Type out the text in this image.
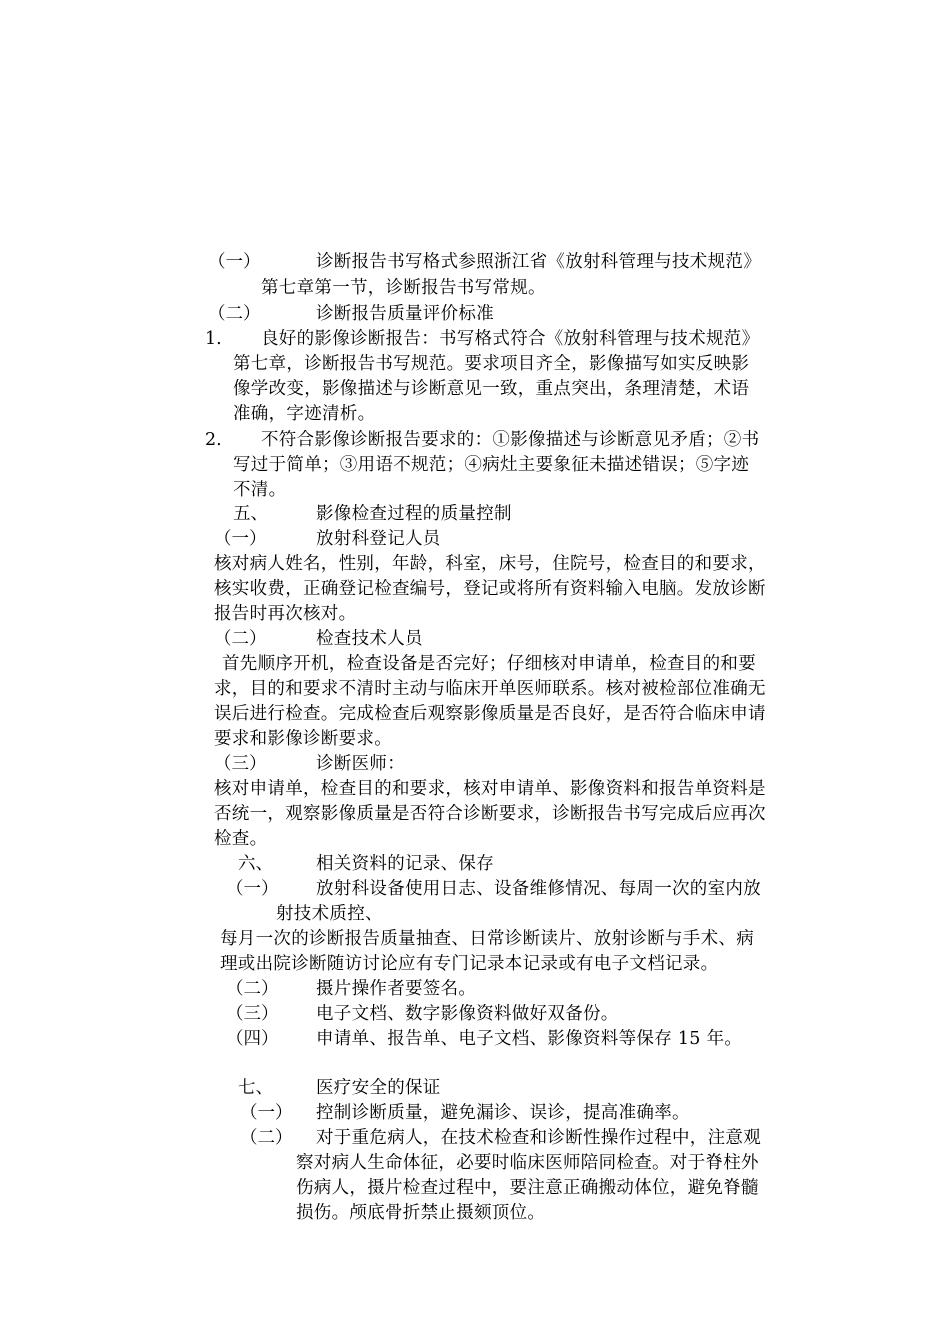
（一）	诊断报告书写格式参照浙江省《放射科管理与技术规范》
第七章第一节，诊断报告书写常规。
（二）	诊断报告质量评价标准
1. 良好的影像诊断报告：书写格式符合《放射科管理与技术规范》
第七章，诊断报告书写规范。要求项目齐全，影像描写如实反映影
像学改变，影像描述与诊断意见一致，重点突出，条理清楚，术语
准确，字迹清析。
2. 不符合影像诊断报告要求的：①影像描述与诊断意见矛盾；②书
写过于简单；③用语不规范；④病灶主要象征未描述错误；⑤字迹
不清。
五、	影像检查过程的质量控制
（一）	放射科登记人员
核对病人姓名，性别，年龄，科室，床号，住院号，检查目的和要求，
核实收费，正确登记检查编号，登记或将所有资料输入电脑。发放诊断
报告时再次核对。
（二）	检查技术人员
首先顺序开机，检查设备是否完好；仔细核对申请单，检查目的和要
求，目的和要求不清时主动与临床开单医师联系。核对被检部位准确无
误后进行检查。完成检查后观察影像质量是否良好，是否符合临床申请
要求和影像诊断要求。
（三）	诊断医师：
核对申请单，检查目的和要求，核对申请单、影像资料和报告单资料是
否统一，观察影像质量是否符合诊断要求，诊断报告书写完成后应再次
检查。
六、 相关资料的记录、保存
（一） 放射科设备使用日志、设备维修情况、每周一次的室内放
射技术质控、
每月一次的诊断报告质量抽查、日常诊断读片、放射诊断与手术、病
理或出院诊断随访讨论应有专门记录本记录或有电子文档记录。
（二） 摄片操作者要签名。
（三） 电子文档、数字影像资料做好双备份。
（四） 申请单、报告单、电子文档、影像资料等保存 15 年。
七、 医疗安全的保证
（一） 控制诊断质量，避免漏诊、误诊，提高准确率。
（二） 对于重危病人，在技术检查和诊断性操作过程中，注意观
察对病人生命体征，必要时临床医师陪同检查。对于脊柱外
伤病人，摄片检查过程中，要注意正确搬动体位，避免脊髓
损伤。颅底骨折禁止摄颏顶位。
